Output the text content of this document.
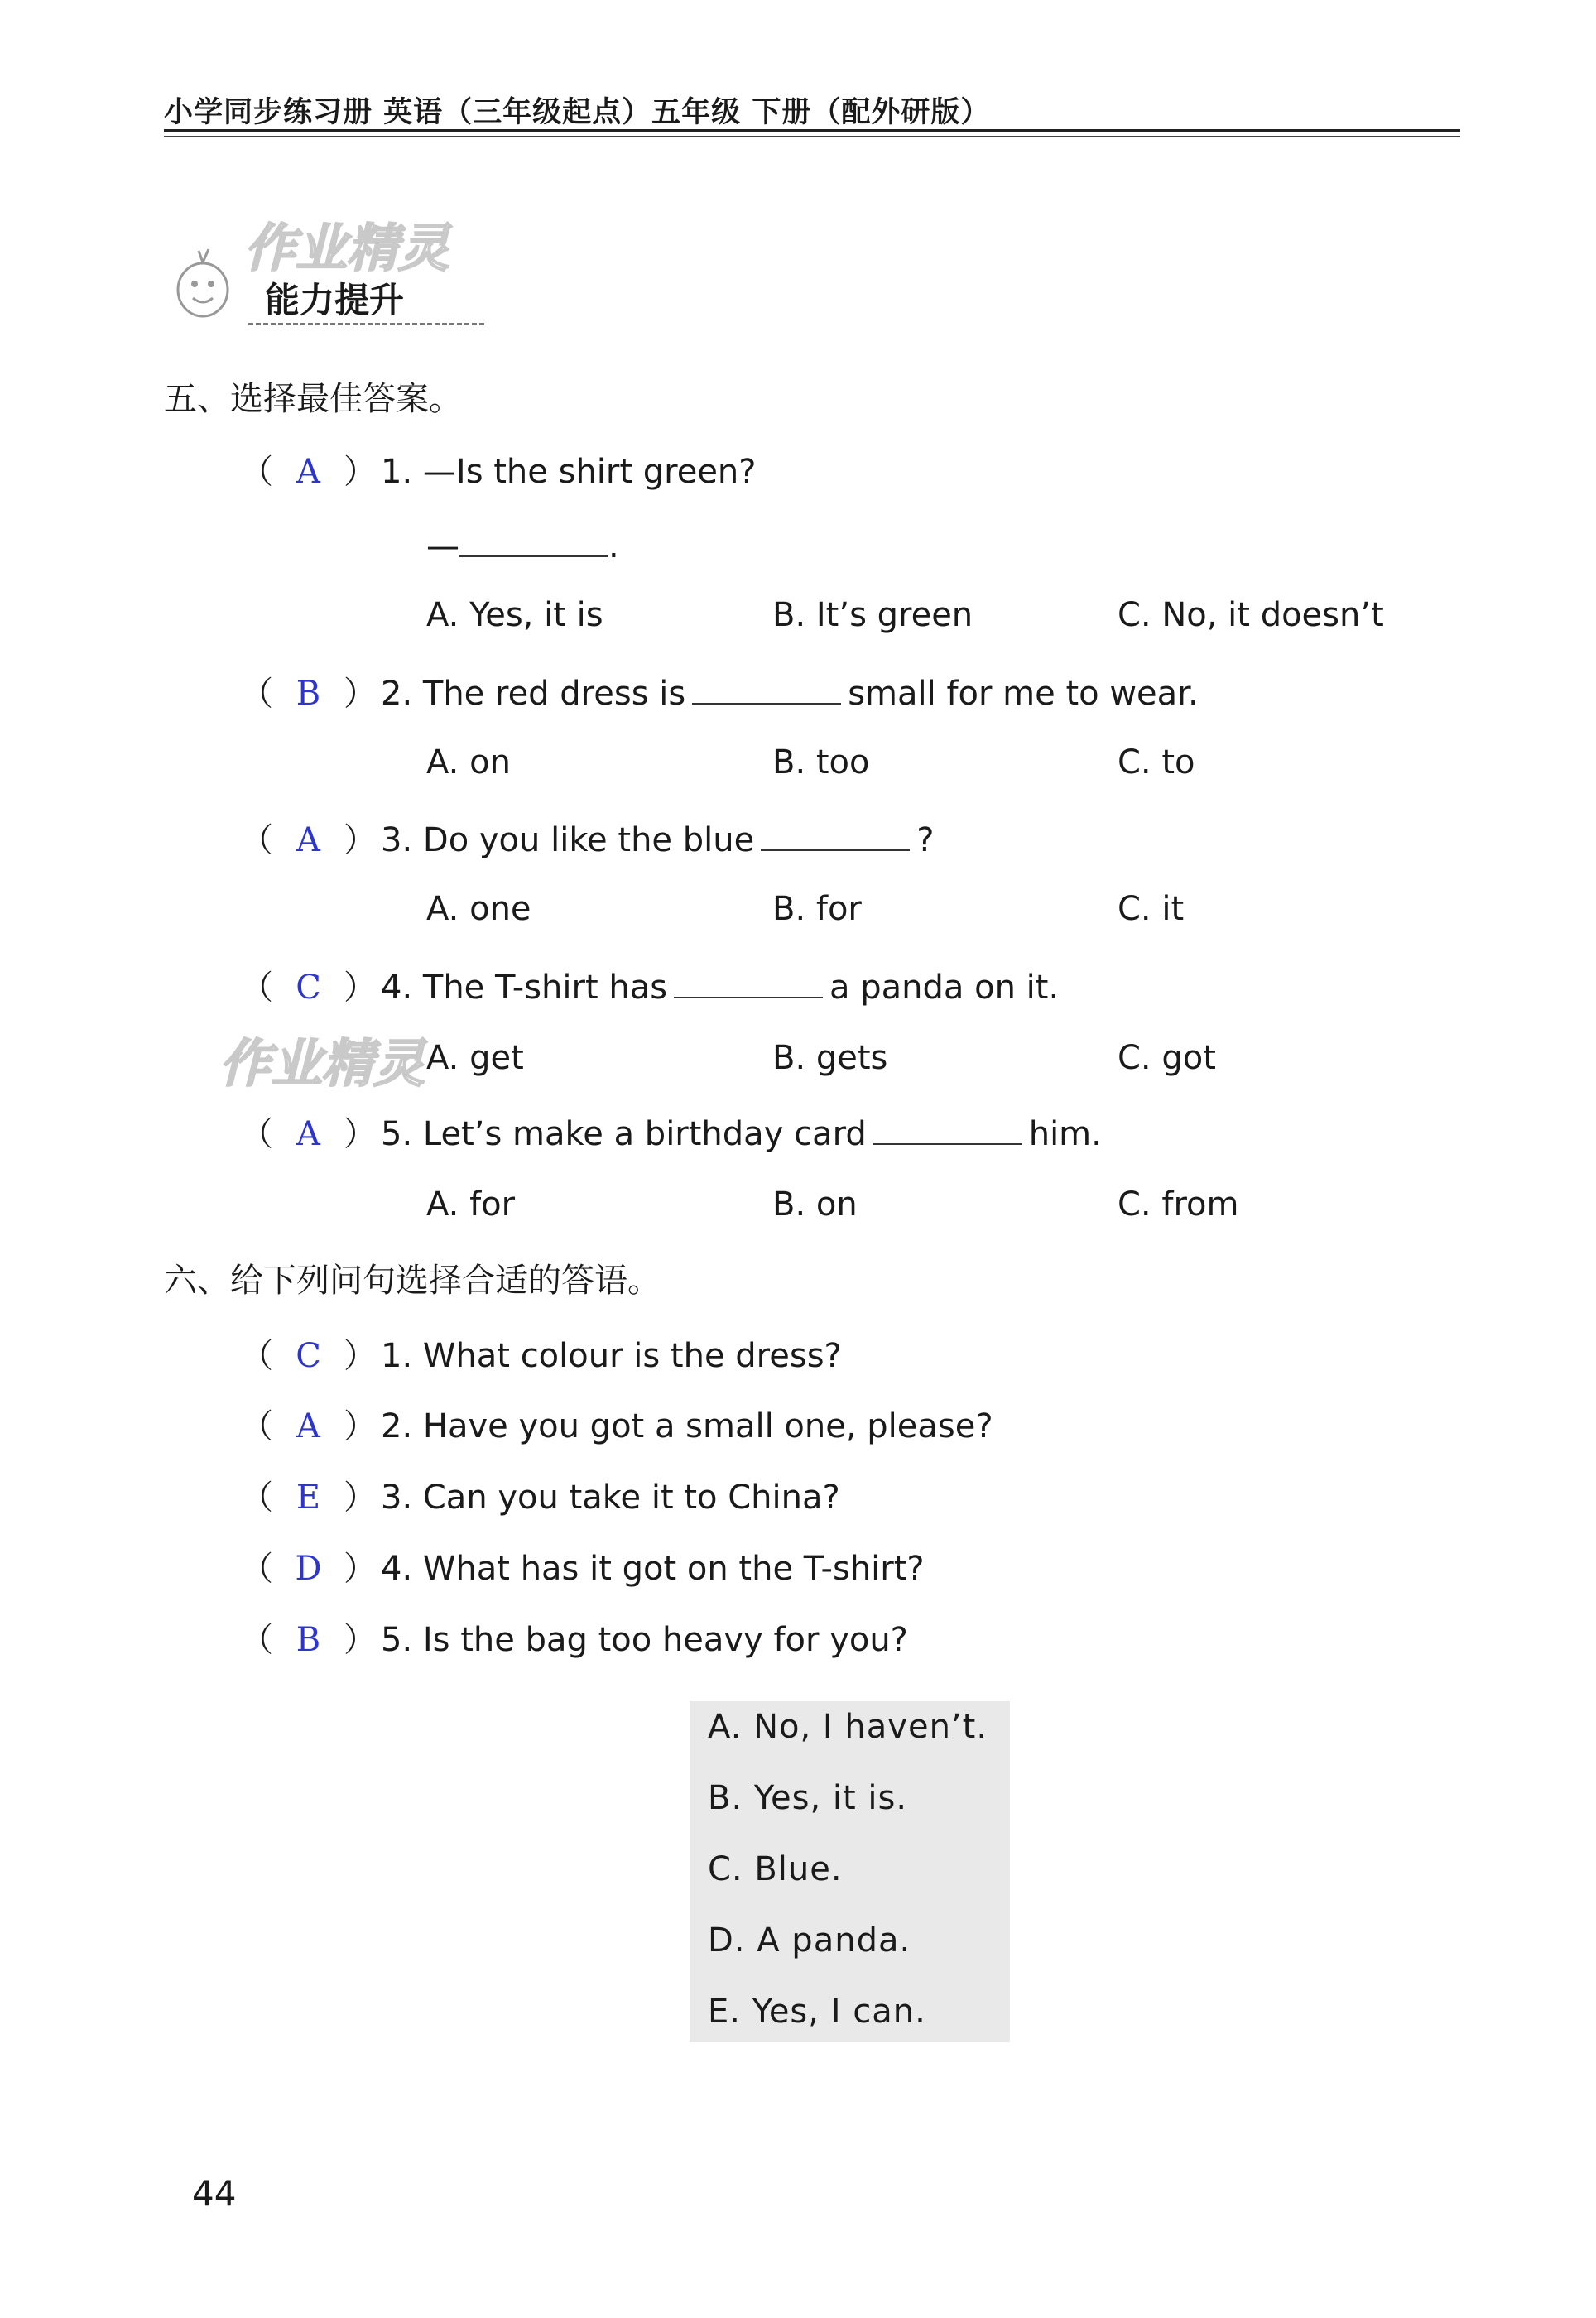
小学同步练习册 英语（三年级起点）五年级 下册（配外研版）
作业精灵
能力提升
五、选择最佳答案。
（ A ） 1. —Is the shirt green?
—	.
A. Yes, it is	B. It’s green	C. No, it doesn’t
（ B ） 2. The red dress is	small for me to wear.
A. on	B. too	C. to
（ A ） 3. Do you like the blue	?
A. one	B. for	C. it
（ C ） 4. The T-shirt has	a panda on it.
作业精灵 A. get	B. gets	C. got
（ A ） 5. Let’s make a birthday card	him.
A. for	B. on	C. from
六、给下列问句选择合适的答语。
（ C ） 1. What colour is the dress?
（ A ） 2. Have you got a small one, please?
（ E ） 3. Can you take it to China?
（ D ） 4. What has it got on the T-shirt?
（ B ） 5. Is the bag too heavy for you?
A. No, I haven’t.
B. Yes, it is.
C. Blue.
D. A panda.
E. Yes, I can.
44
